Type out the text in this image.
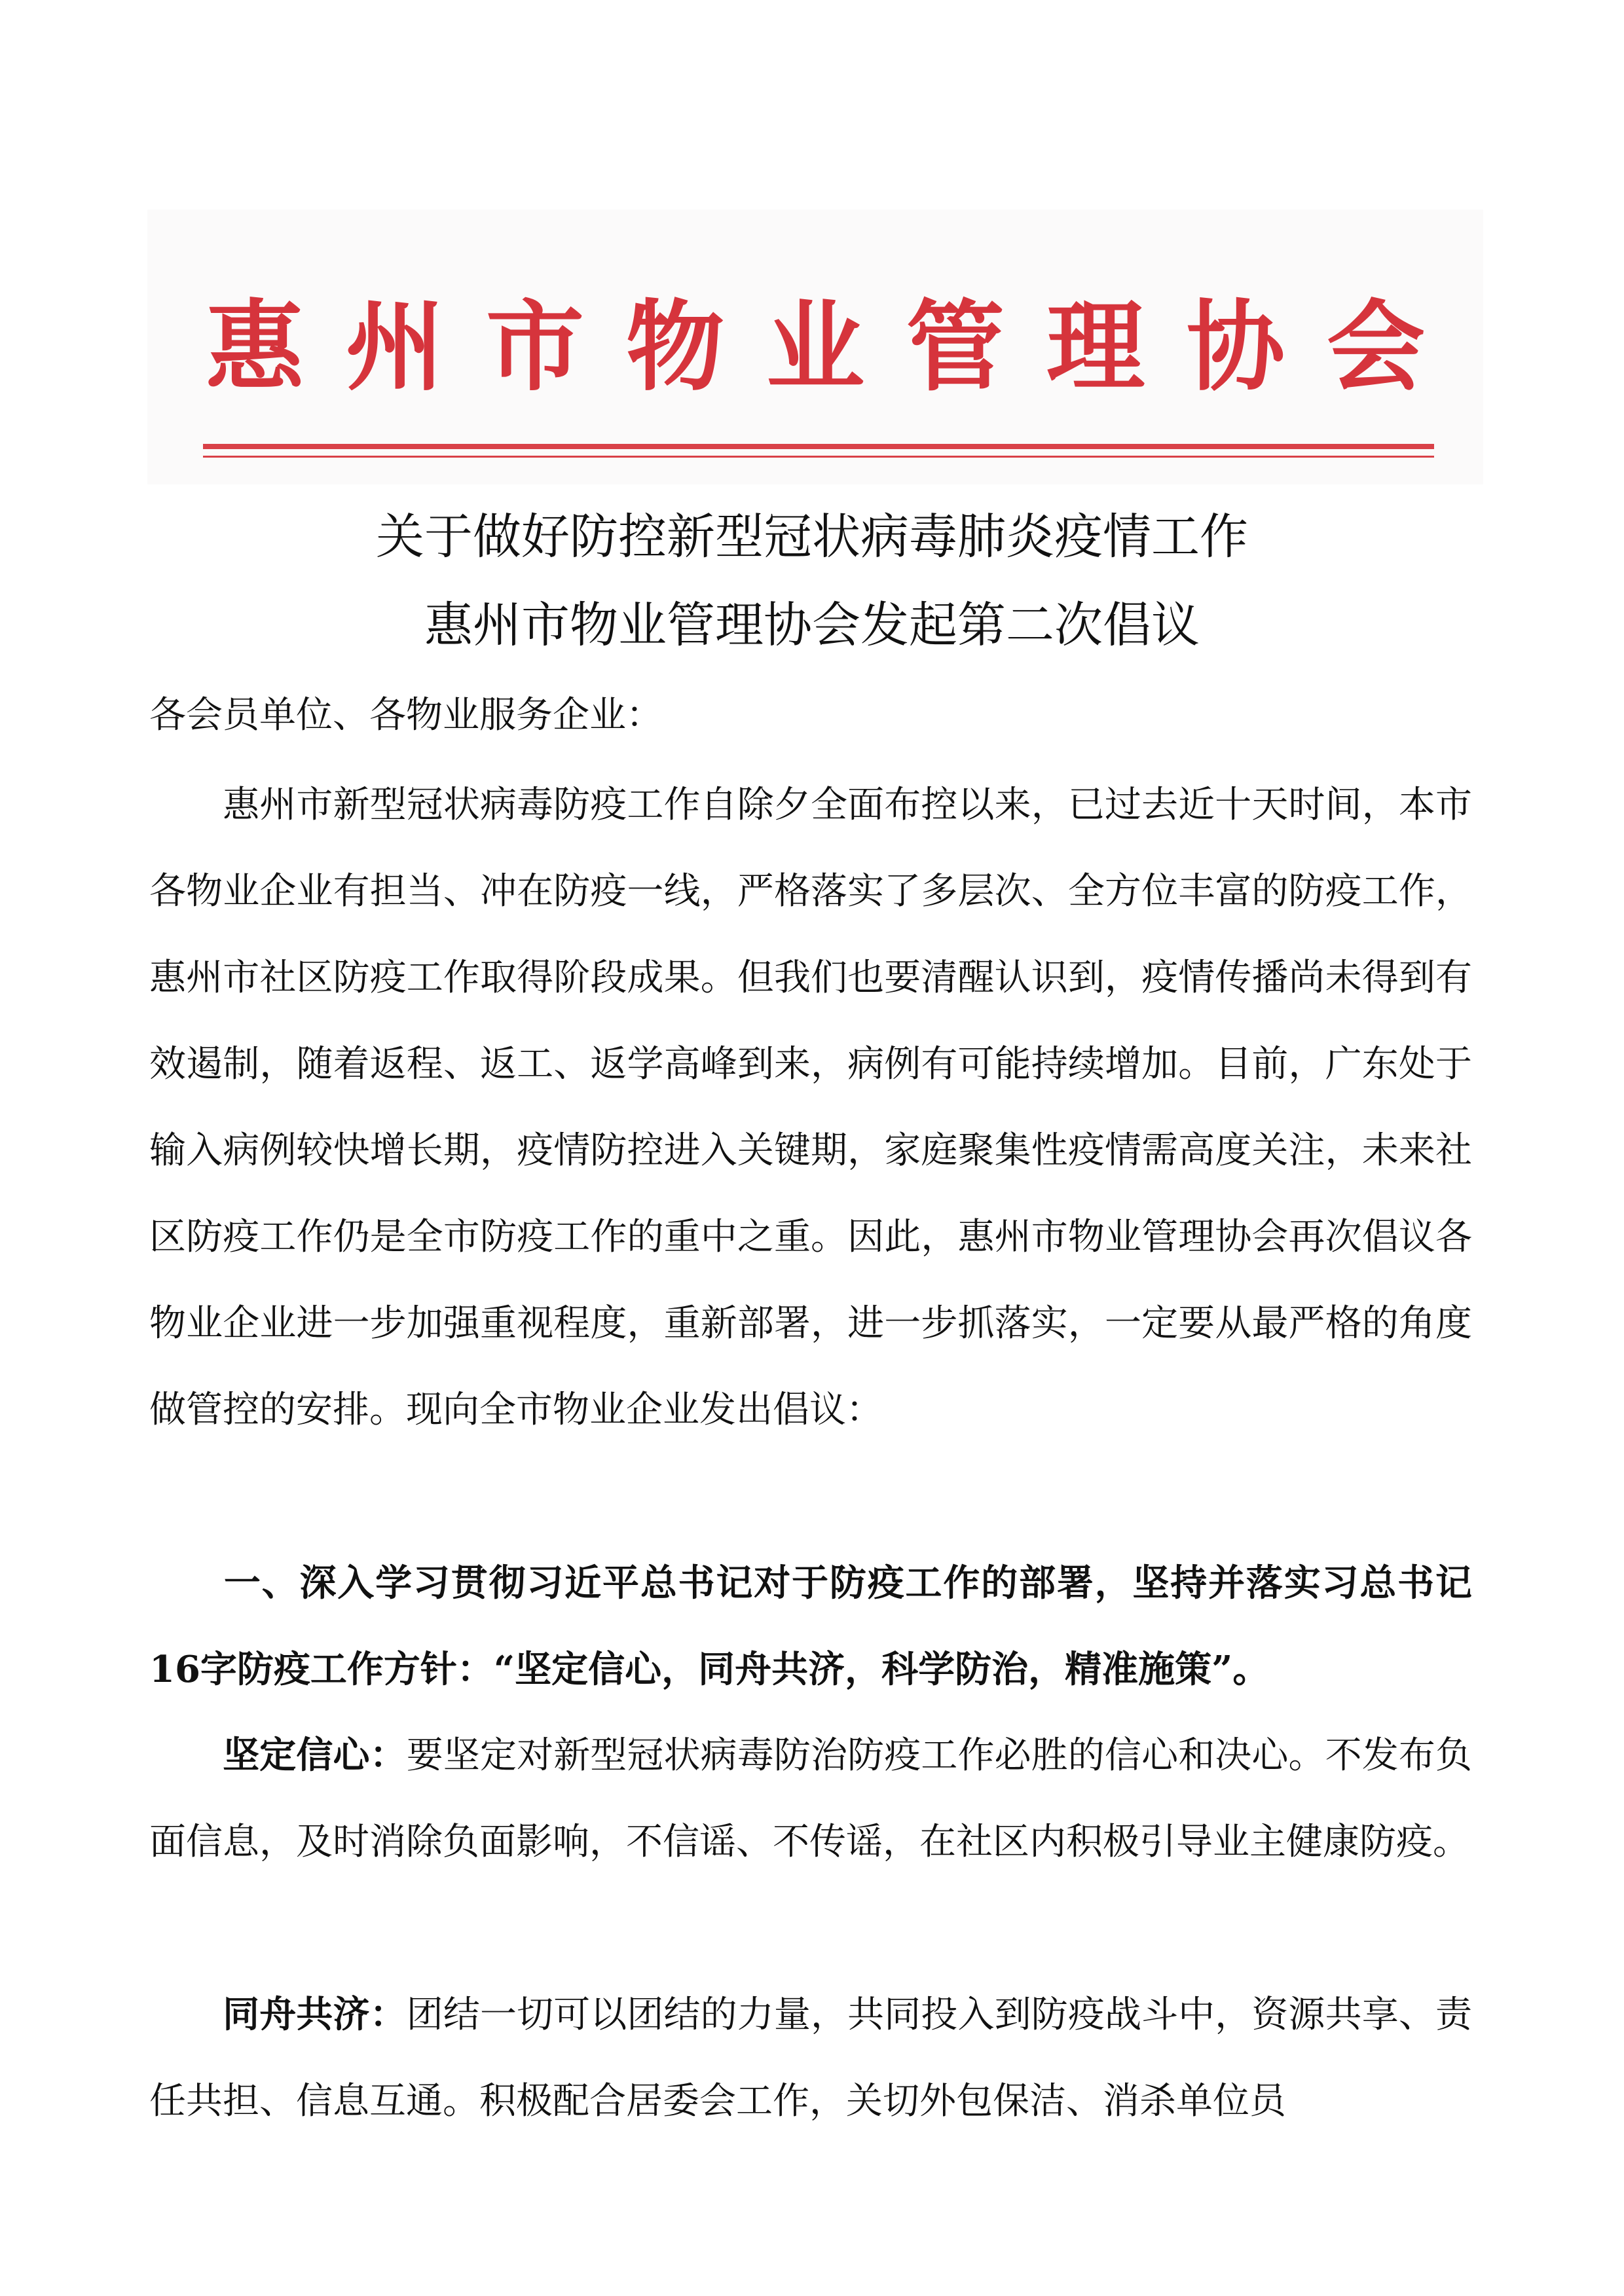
惠州市物业管理协会
关于做好防控新型冠状病毒肺炎疫情工作
惠州市物业管理协会发起第二次倡议
各会员单位、各物业服务企业：
惠州市新型冠状病毒防疫工作自除夕全面布控以来，已过去近十天时间，本市各物业企业有担当、冲在防疫一线，严格落实了多层次、全方位丰富的防疫工作，惠州市社区防疫工作取得阶段成果。但我们也要清醒认识到，疫情传播尚未得到有效遏制，随着返程、返工、返学高峰到来，病例有可能持续增加。目前，广东处于输入病例较快增长期，疫情防控进入关键期，家庭聚集性疫情需高度关注，未来社区防疫工作仍是全市防疫工作的重中之重。因此，惠州市物业管理协会再次倡议各物业企业进一步加强重视程度，重新部署，进一步抓落实，一定要从最严格的角度做管控的安排。现向全市物业企业发出倡议：
一、深入学习贯彻习近平总书记对于防疫工作的部署，坚持并落实习总书记16字防疫工作方针：“坚定信心，同舟共济，科学防治，精准施策”。
坚定信心：要坚定对新型冠状病毒防治防疫工作必胜的信心和决心。不发布负面信息，及时消除负面影响，不信谣、不传谣，在社区内积极引导业主健康防疫。
同舟共济：团结一切可以团结的力量，共同投入到防疫战斗中，资源共享、责任共担、信息互通。积极配合居委会工作，关切外包保洁、消杀单位员
